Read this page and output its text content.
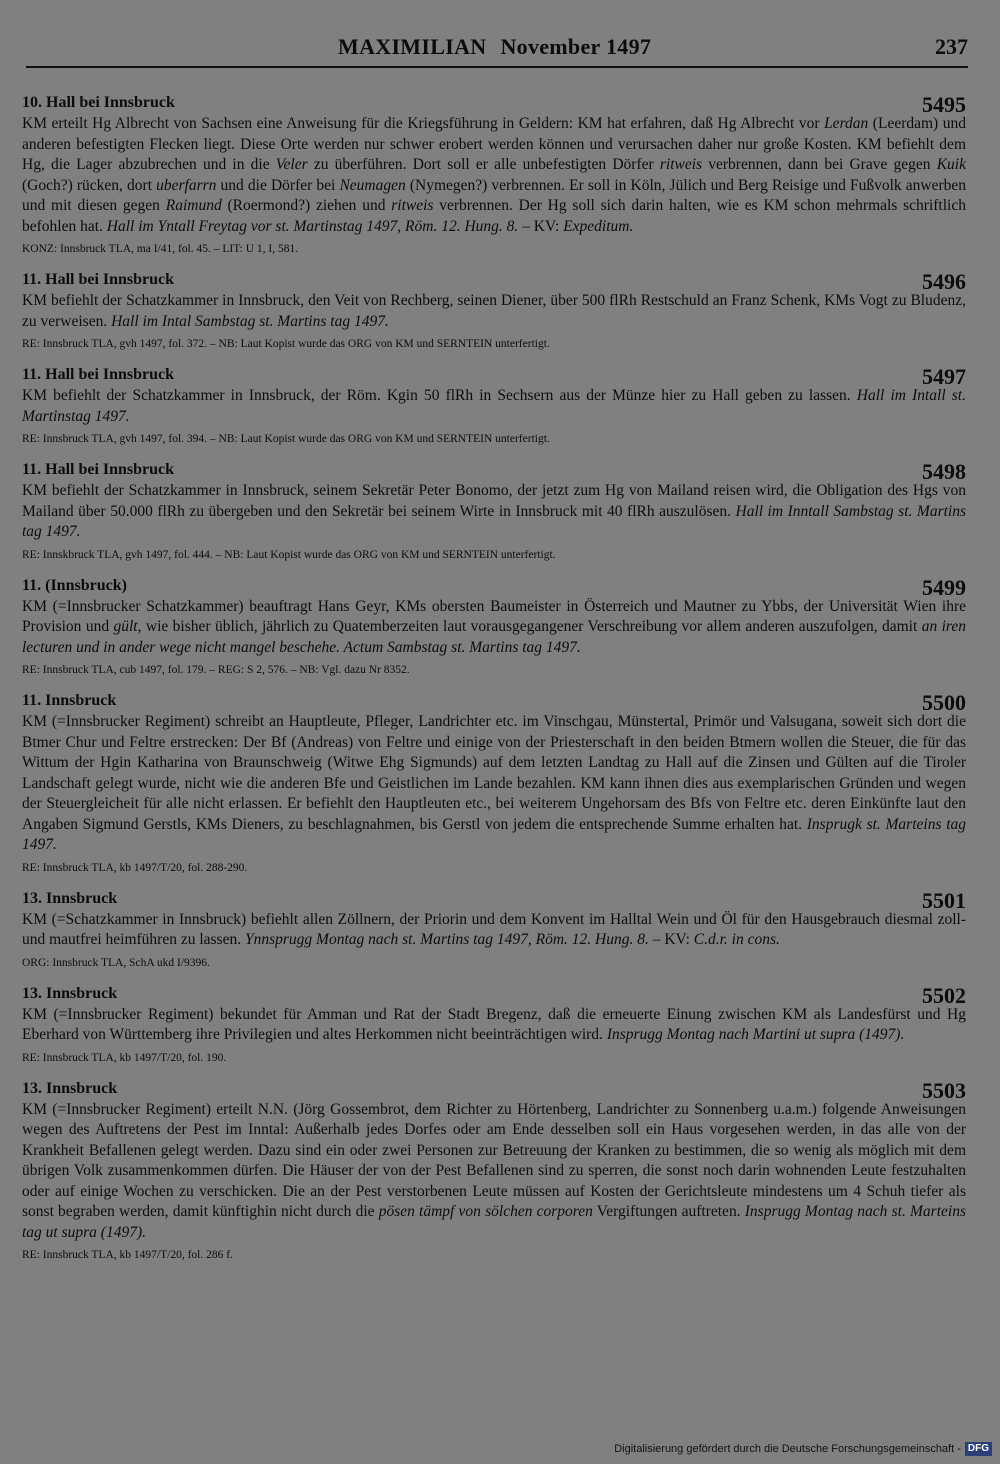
MAXIMILIAN November 1497	237
10. Hall bei Innsbruck	5495
KM erteilt Hg Albrecht von Sachsen eine Anweisung für die Kriegsführung in Geldern: KM hat erfahren, daß Hg Albrecht vor Lerdan (Leerdam) und anderen befestigten Flecken liegt. Diese Orte werden nur schwer erobert werden können und verursachen daher nur große Kosten. KM befiehlt dem Hg, die Lager abzubrechen und in die Veler zu überführen. Dort soll er alle unbefestigten Dörfer ritweis verbrennen, dann bei Grave gegen Kuik (Goch?) rücken, dort uberfarrn und die Dörfer bei Neumagen (Nymegen?) verbrennen. Er soll in Köln, Jülich und Berg Reisige und Fußvolk anwerben und mit diesen gegen Raimund (Roermond?) ziehen und ritweis verbrennen. Der Hg soll sich darin halten, wie es KM schon mehrmals schriftlich befohlen hat. Hall im Yntall Freytag vor st. Martinstag 1497, Röm. 12. Hung. 8. – KV: Expeditum.
KONZ: Innsbruck TLA, ma I/41, fol. 45. – LIT: U 1, I, 581.
11. Hall bei Innsbruck	5496
KM befiehlt der Schatzkammer in Innsbruck, den Veit von Rechberg, seinen Diener, über 500 flRh Restschuld an Franz Schenk, KMs Vogt zu Bludenz, zu verweisen. Hall im Intal Sambstag st. Martins tag 1497.
RE: Innsbruck TLA, gvh 1497, fol. 372. – NB: Laut Kopist wurde das ORG von KM und SERNTEIN unterfertigt.
11. Hall bei Innsbruck	5497
KM befiehlt der Schatzkammer in Innsbruck, der Röm. Kgin 50 flRh in Sechsern aus der Münze hier zu Hall geben zu lassen. Hall im Intall st. Martinstag 1497.
RE: Innsbruck TLA, gvh 1497, fol. 394. – NB: Laut Kopist wurde das ORG von KM und SERNTEIN unterfertigt.
11. Hall bei Innsbruck	5498
KM befiehlt der Schatzkammer in Innsbruck, seinem Sekretär Peter Bonomo, der jetzt zum Hg von Mailand reisen wird, die Obligation des Hgs von Mailand über 50.000 flRh zu übergeben und den Sekretär bei seinem Wirte in Innsbruck mit 40 flRh auszulösen. Hall im Inntall Sambstag st. Martins tag 1497.
RE: Innskbruck TLA, gvh 1497, fol. 444. – NB: Laut Kopist wurde das ORG von KM und SERNTEIN unterfertigt.
11. (Innsbruck)	5499
KM (=Innsbrucker Schatzkammer) beauftragt Hans Geyr, KMs obersten Baumeister in Österreich und Mautner zu Ybbs, der Universität Wien ihre Provision und gült, wie bisher üblich, jährlich zu Quatemberzeiten laut vorausgegangener Verschreibung vor allem anderen auszufolgen, damit an iren lecturen und in ander wege nicht mangel beschehe. Actum Sambstag st. Martins tag 1497.
RE: Innsbruck TLA, cub 1497, fol. 179. – REG: S 2, 576. – NB: Vgl. dazu Nr 8352.
11. Innsbruck	5500
KM (=Innsbrucker Regiment) schreibt an Hauptleute, Pfleger, Landrichter etc. im Vinschgau, Münstertal, Primör und Valsugana, soweit sich dort die Btmer Chur und Feltre erstrecken: Der Bf (Andreas) von Feltre und einige von der Priesterschaft in den beiden Btmern wollen die Steuer, die für das Wittum der Hgin Katharina von Braunschweig (Witwe Ehg Sigmunds) auf dem letzten Landtag zu Hall auf die Zinsen und Gülten auf die Tiroler Landschaft gelegt wurde, nicht wie die anderen Bfe und Geistlichen im Lande bezahlen. KM kann ihnen dies aus exemplarischen Gründen und wegen der Steuergleicheit für alle nicht erlassen. Er befiehlt den Hauptleuten etc., bei weiterem Ungehorsam des Bfs von Feltre etc. deren Einkünfte laut den Angaben Sigmund Gerstls, KMs Dieners, zu beschlagnahmen, bis Gerstl von jedem die entsprechende Summe erhalten hat. Insprugk st. Marteins tag 1497.
RE: Innsbruck TLA, kb 1497/T/20, fol. 288-290.
13. Innsbruck	5501
KM (=Schatzkammer in Innsbruck) befiehlt allen Zöllnern, der Priorin und dem Konvent im Halltal Wein und Öl für den Hausgebrauch diesmal zoll- und mautfrei heimführen zu lassen. Ynnsprugg Montag nach st. Martins tag 1497, Röm. 12. Hung. 8. – KV: C.d.r. in cons.
ORG: Innsbruck TLA, SchA ukd I/9396.
13. Innsbruck	5502
KM (=Innsbrucker Regiment) bekundet für Amman und Rat der Stadt Bregenz, daß die erneuerte Einung zwischen KM als Landesfürst und Hg Eberhard von Württemberg ihre Privilegien und altes Herkommen nicht beeinträchtigen wird. Insprugg Montag nach Martini ut supra (1497).
RE: Innsbruck TLA, kb 1497/T/20, fol. 190.
13. Innsbruck	5503
KM (=Innsbrucker Regiment) erteilt N.N. (Jörg Gossembrot, dem Richter zu Hörtenberg, Landrichter zu Sonnenberg u.a.m.) folgende Anweisungen wegen des Auftretens der Pest im Inntal: Außerhalb jedes Dorfes oder am Ende desselben soll ein Haus vorgesehen werden, in das alle von der Krankheit Befallenen gelegt werden. Dazu sind ein oder zwei Personen zur Betreuung der Kranken zu bestimmen, die so wenig als möglich mit dem übrigen Volk zusammenkommen dürfen. Die Häuser der von der Pest Befallenen sind zu sperren, die sonst noch darin wohnenden Leute festzuhalten oder auf einige Wochen zu verschicken. Die an der Pest verstorbenen Leute müssen auf Kosten der Gerichtsleute mindestens um 4 Schuh tiefer als sonst begraben werden, damit künftighin nicht durch die pösen tämpf von sölchen corporen Vergiftungen auftreten. Insprugg Montag nach st. Marteins tag ut supra (1497).
RE: Innsbruck TLA, kb 1497/T/20, fol. 286 f.
Digitalisierung gefördert durch die Deutsche Forschungsgemeinschaft - DFG
